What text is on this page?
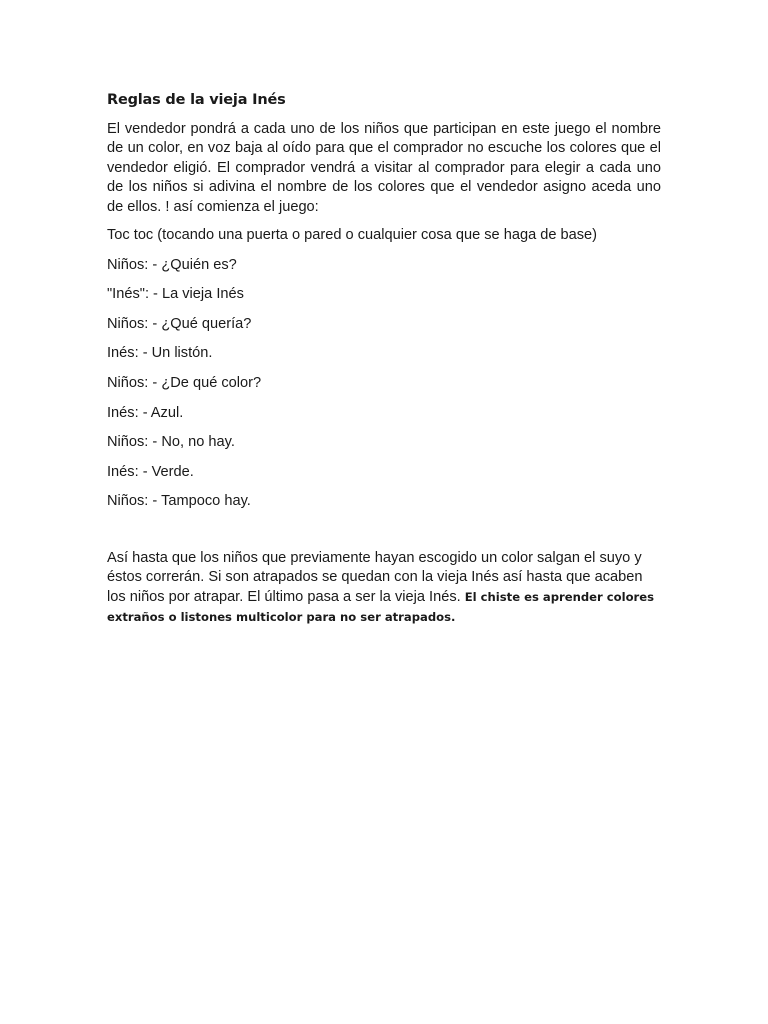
Reglas de la vieja Inés

El vendedor pondrá a cada uno de los niños que participan en este juego el nombre de un color, en voz baja al oído para que el comprador no escuche los colores que el vendedor eligió. El comprador vendrá a visitar al comprador para elegir a cada uno de los niños si adivina el nombre de los colores que el vendedor asigno aceda uno de ellos. ! así comienza el juego:

Toc toc (tocando una puerta o pared o cualquier cosa que se haga de base)

Niños: - ¿Quién es?

"Inés": - La vieja Inés

Niños: - ¿Qué quería?

Inés: - Un listón.

Niños: - ¿De qué color?

Inés: - Azul.

Niños: - No, no hay.

Inés: - Verde.

Niños: - Tampoco hay.

Así hasta que los niños que previamente hayan escogido un color salgan el suyo y éstos correrán. Si son atrapados se quedan con la vieja Inés así hasta que acaben los niños por atrapar. El último pasa a ser la vieja Inés. El chiste es aprender colores extraños o listones multicolor para no ser atrapados.
